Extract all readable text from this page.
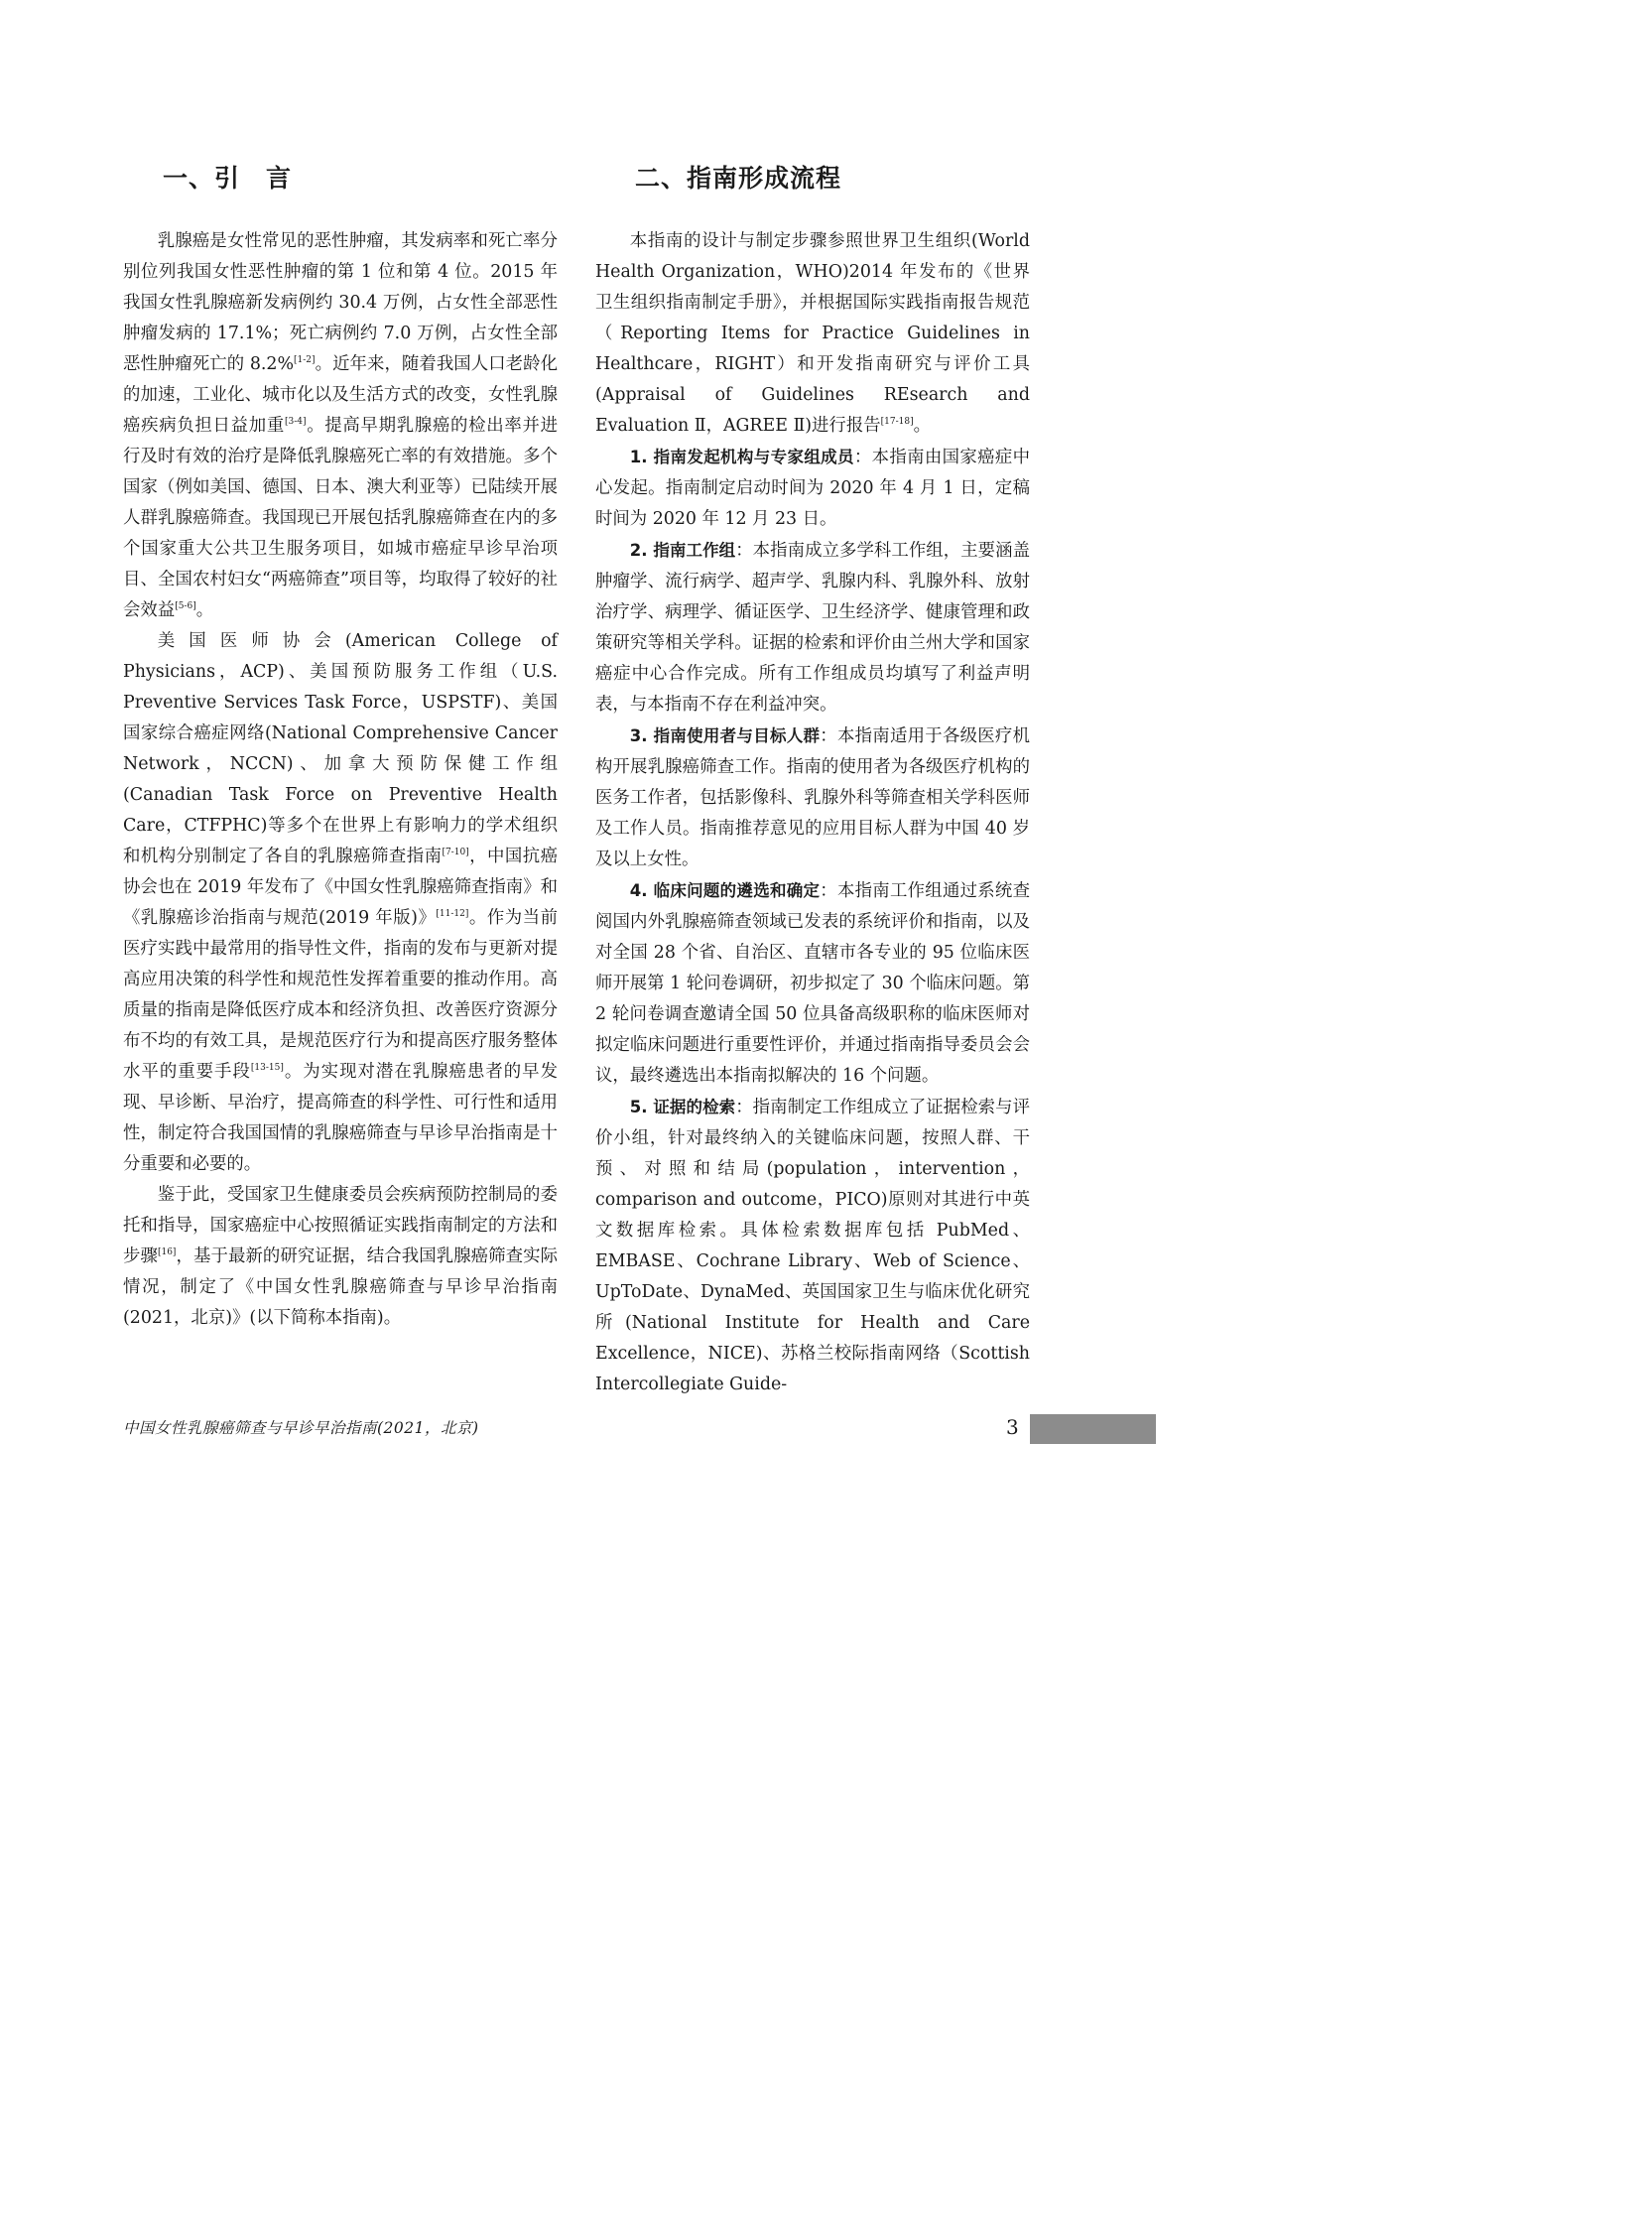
一、引　言

乳腺癌是女性常见的恶性肿瘤，其发病率和死亡率分别位列我国女性恶性肿瘤的第 1 位和第 4 位。2015 年我国女性乳腺癌新发病例约 30.4 万例，占女性全部恶性肿瘤发病的 17.1%；死亡病例约 7.0 万例，占女性全部恶性肿瘤死亡的 8.2%[1-2]。近年来，随着我国人口老龄化的加速，工业化、城市化以及生活方式的改变，女性乳腺癌疾病负担日益加重[3-4]。提高早期乳腺癌的检出率并进行及时有效的治疗是降低乳腺癌死亡率的有效措施。多个国家（例如美国、德国、日本、澳大利亚等）已陆续开展人群乳腺癌筛查。我国现已开展包括乳腺癌筛查在内的多个国家重大公共卫生服务项目，如城市癌症早诊早治项目、全国农村妇女“两癌筛查”项目等，均取得了较好的社会效益[5-6]。

美国医师协会(American College of Physicians，ACP)、美国预防服务工作组（U.S. Preventive Services Task Force，USPSTF)、美国国家综合癌症网络(National Comprehensive Cancer Network，NCCN)、加拿大预防保健工作组(Canadian Task Force on Preventive Health Care，CTFPHC)等多个在世界上有影响力的学术组织和机构分别制定了各自的乳腺癌筛查指南[7-10]，中国抗癌协会也在 2019 年发布了《中国女性乳腺癌筛查指南》和《乳腺癌诊治指南与规范(2019 年版)》[11-12]。作为当前医疗实践中最常用的指导性文件，指南的发布与更新对提高应用决策的科学性和规范性发挥着重要的推动作用。高质量的指南是降低医疗成本和经济负担、改善医疗资源分布不均的有效工具，是规范医疗行为和提高医疗服务整体水平的重要手段[13-15]。为实现对潜在乳腺癌患者的早发现、早诊断、早治疗，提高筛查的科学性、可行性和适用性，制定符合我国国情的乳腺癌筛查与早诊早治指南是十分重要和必要的。

鉴于此，受国家卫生健康委员会疾病预防控制局的委托和指导，国家癌症中心按照循证实践指南制定的方法和步骤[16]，基于最新的研究证据，结合我国乳腺癌筛查实际情况，制定了《中国女性乳腺癌筛查与早诊早治指南(2021，北京)》(以下简称本指南)。

二、指南形成流程

本指南的设计与制定步骤参照世界卫生组织(World Health Organization，WHO)2014 年发布的《世界卫生组织指南制定手册》，并根据国际实践指南报告规范（Reporting Items for Practice Guidelines in Healthcare，RIGHT）和开发指南研究与评价工具(Appraisal of Guidelines REsearch and Evaluation Ⅱ，AGREE Ⅱ)进行报告[17-18]。

1. 指南发起机构与专家组成员：本指南由国家癌症中心发起。指南制定启动时间为 2020 年 4 月 1 日，定稿时间为 2020 年 12 月 23 日。

2. 指南工作组：本指南成立多学科工作组，主要涵盖肿瘤学、流行病学、超声学、乳腺内科、乳腺外科、放射治疗学、病理学、循证医学、卫生经济学、健康管理和政策研究等相关学科。证据的检索和评价由兰州大学和国家癌症中心合作完成。所有工作组成员均填写了利益声明表，与本指南不存在利益冲突。

3. 指南使用者与目标人群：本指南适用于各级医疗机构开展乳腺癌筛查工作。指南的使用者为各级医疗机构的医务工作者，包括影像科、乳腺外科等筛查相关学科医师及工作人员。指南推荐意见的应用目标人群为中国 40 岁及以上女性。

4. 临床问题的遴选和确定：本指南工作组通过系统查阅国内外乳腺癌筛查领域已发表的系统评价和指南，以及对全国 28 个省、自治区、直辖市各专业的 95 位临床医师开展第 1 轮问卷调研，初步拟定了 30 个临床问题。第 2 轮问卷调查邀请全国 50 位具备高级职称的临床医师对拟定临床问题进行重要性评价，并通过指南指导委员会会议，最终遴选出本指南拟解决的 16 个问题。

5. 证据的检索：指南制定工作组成立了证据检索与评价小组，针对最终纳入的关键临床问题，按照人群、干预、对照和结局(population，intervention，comparison and outcome，PICO)原则对其进行中英文数据库检索。具体检索数据库包括 PubMed、EMBASE、Cochrane Library、Web of Science、UpToDate、DynaMed、英国国家卫生与临床优化研究所(National Institute for Health and Care Excellence，NICE)、苏格兰校际指南网络（Scottish Intercollegiate Guide-

中国女性乳腺癌筛查与早诊早治指南(2021，北京)	3
